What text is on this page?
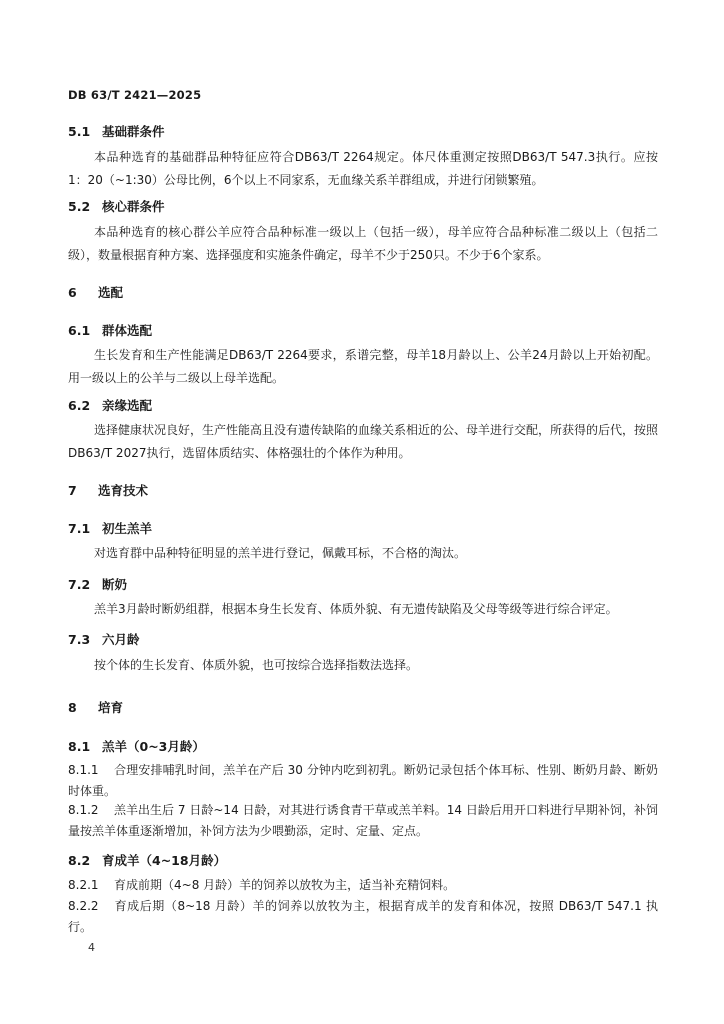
DB 63/T 2421—2025
5.1 基础群条件
本品种选育的基础群品种特征应符合DB63/T 2264规定。体尺体重测定按照DB63/T 547.3执行。应按1：20（~1:30）公母比例，6个以上不同家系，无血缘关系羊群组成，并进行闭锁繁殖。
5.2 核心群条件
本品种选育的核心群公羊应符合品种标准一级以上（包括一级），母羊应符合品种标准二级以上（包括二级），数量根据育种方案、选择强度和实施条件确定，母羊不少于250只。不少于6个家系。
6 选配
6.1 群体选配
生长发育和生产性能满足DB63/T 2264要求，系谱完整，母羊18月龄以上、公羊24月龄以上开始初配。用一级以上的公羊与二级以上母羊选配。
6.2 亲缘选配
选择健康状况良好，生产性能高且没有遗传缺陷的血缘关系相近的公、母羊进行交配，所获得的后代，按照DB63/T 2027执行，选留体质结实、体格强壮的个体作为种用。
7 选育技术
7.1 初生羔羊
对选育群中品种特征明显的羔羊进行登记，佩戴耳标，不合格的淘汰。
7.2 断奶
羔羊3月龄时断奶组群，根据本身生长发育、体质外貌、有无遗传缺陷及父母等级等进行综合评定。
7.3 六月龄
按个体的生长发育、体质外貌，也可按综合选择指数法选择。
8 培育
8.1 羔羊（0~3月龄）
8.1.1 合理安排哺乳时间，羔羊在产后 30 分钟内吃到初乳。断奶记录包括个体耳标、性别、断奶月龄、断奶时体重。
8.1.2 羔羊出生后 7 日龄~14 日龄，对其进行诱食青干草或羔羊料。14 日龄后用开口料进行早期补饲，补饲量按羔羊体重逐渐增加，补饲方法为少喂勤添，定时、定量、定点。
8.2 育成羊（4~18月龄）
8.2.1 育成前期（4~8 月龄）羊的饲养以放牧为主，适当补充精饲料。
8.2.2 育成后期（8~18 月龄）羊的饲养以放牧为主，根据育成羊的发育和体况，按照 DB63/T 547.1 执行。
4
